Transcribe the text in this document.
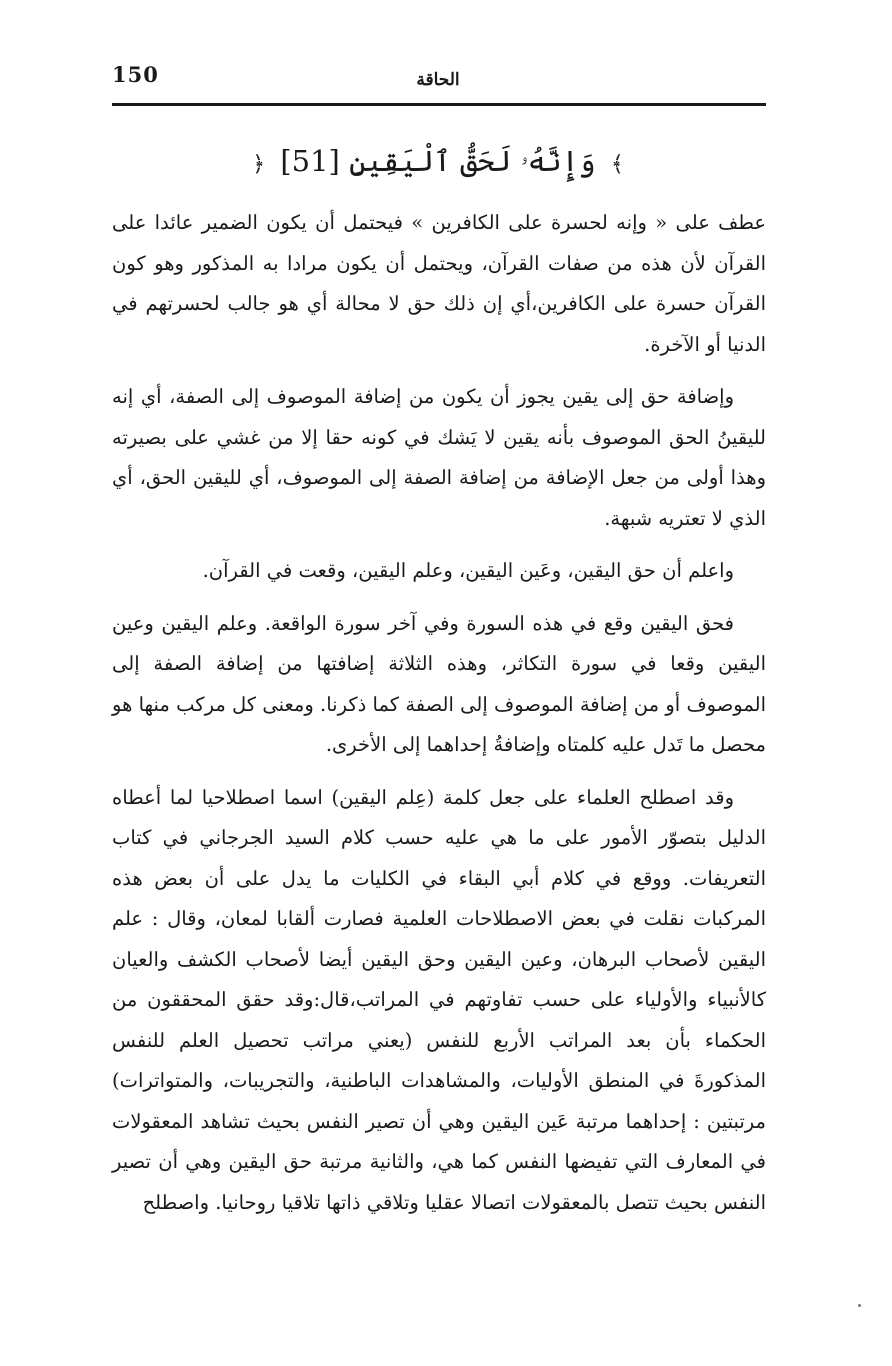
150	الحاقة
﴾ وَإِنَّهُۥ لَحَقُّ ٱلْيَقِينِ [51] ﴿

عطف على « وإنه لحسرة على الكافرين » فيحتمل أن يكون الضمير عائدا على القرآن لأن هذه من صفات القرآن، ويحتمل أن يكون مرادا به المذكور وهو كون القرآن حسرة على الكافرين،أي إن ذلك حق لا محالة أي هو جالب لحسرتهم في الدنيا أو الآخرة.

وإضافة حق إلى يقين يجوز أن يكون من إضافة الموصوف إلى الصفة، أي إنه لليقينُ الحق الموصوف بأنه يقين لا يَشك في كونه حقا إلا من غشي على بصيرته وهذا أولى من جعل الإضافة من إضافة الصفة إلى الموصوف، أي لليقين الحق، أي الذي لا تعتريه شبهة.

واعلم أن حق اليقين، وعَين اليقين، وعلم اليقين، وقعت في القرآن.

فحق اليقين وقع في هذه السورة وفي آخر سورة الواقعة. وعلم اليقين وعين اليقين وقعا في سورة التكاثر، وهذه الثلاثة إضافتها من إضافة الصفة إلى الموصوف أو من إضافة الموصوف إلى الصفة كما ذكرنا. ومعنى كل مركب منها هو محصل ما تَدل عليه كلمتاه وإضافةُ إحداهما إلى الأخرى.

وقد اصطلح العلماء على جعل كلمة (عِلم اليقين) اسما اصطلاحيا لما أعطاه الدليل بتصوّر الأمور على ما هي عليه حسب كلام السيد الجرجاني في كتاب التعريفات. ووقع في كلام أبي البقاء في الكليات ما يدل على أن بعض هذه المركبات نقلت في بعض الاصطلاحات العلمية فصارت ألقابا لمعان، وقال : علم اليقين لأصحاب البرهان، وعين اليقين وحق اليقين أيضا لأصحاب الكشف والعيان كالأنبياء والأولياء على حسب تفاوتهم في المراتب،قال:وقد حقق المحققون من الحكماء بأن بعد المراتب الأربع للنفس (يعني مراتب تحصيل العلم للنفس المذكورةَ في المنطق الأوليات، والمشاهدات الباطنية، والتجريبات، والمتواترات) مرتبتين : إحداهما مرتبة عَين اليقين وهي أن تصير النفس بحيث تشاهد المعقولات في المعارف التي تفيضها النفس كما هي، والثانية مرتبة حق اليقين وهي أن تصير النفس بحيث تتصل بالمعقولات اتصالا عقليا وتلاقي ذاتها تلاقيا روحانيا. واصطلح
